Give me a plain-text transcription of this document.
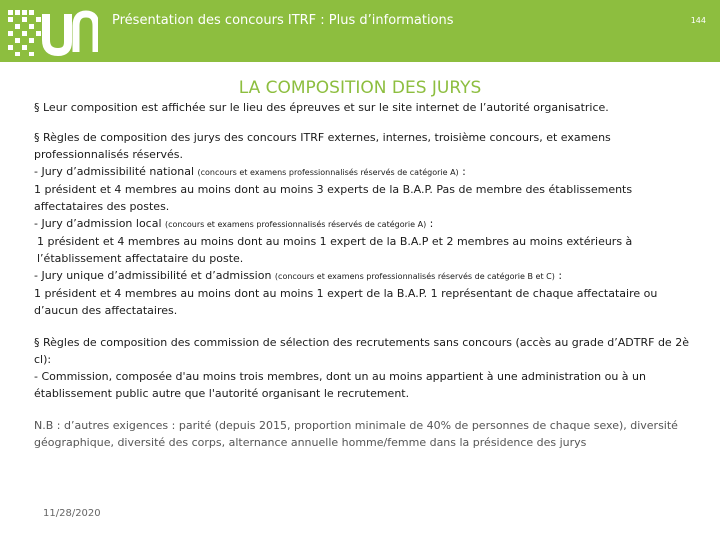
Présentation des concours ITRF : Plus d’informations	144
LA COMPOSITION DES JURYS

§ Leur composition est affichée sur le lieu des épreuves et sur le site internet de l’autorité organisatrice.

§ Règles de composition des jurys des concours ITRF externes, internes, troisième concours, et examens professionnalisés réservés.

- Jury d’admissibilité national (concours et examens professionnalisés réservés de catégorie A) :

1 président et 4 membres au moins dont au moins 3 experts de la B.A.P. Pas de membre des établissements affectataires des postes.

- Jury d’admission local (concours et examens professionnalisés réservés de catégorie A) :

1 président et 4 membres au moins dont au moins 1 expert de la B.A.P et 2 membres au moins extérieurs à l’établissement affectataire du poste.

- Jury unique d’admissibilité et d’admission (concours et examens professionnalisés réservés de catégorie B et C) :

1 président et 4 membres au moins dont au moins 1 expert de la B.A.P. 1 représentant de chaque affectataire ou d’aucun des affectataires.

§ Règles de composition des commission de sélection des recrutements sans concours (accès au grade d’ADTRF de 2è cl):

- Commission, composée d'au moins trois membres, dont un au moins appartient à une administration ou à un établissement public autre que l'autorité organisant le recrutement.

N.B : d’autres exigences : parité (depuis 2015, proportion minimale de 40% de personnes de chaque sexe), diversité géographique, diversité des corps, alternance annuelle homme/femme dans la présidence des jurys

11/28/2020
